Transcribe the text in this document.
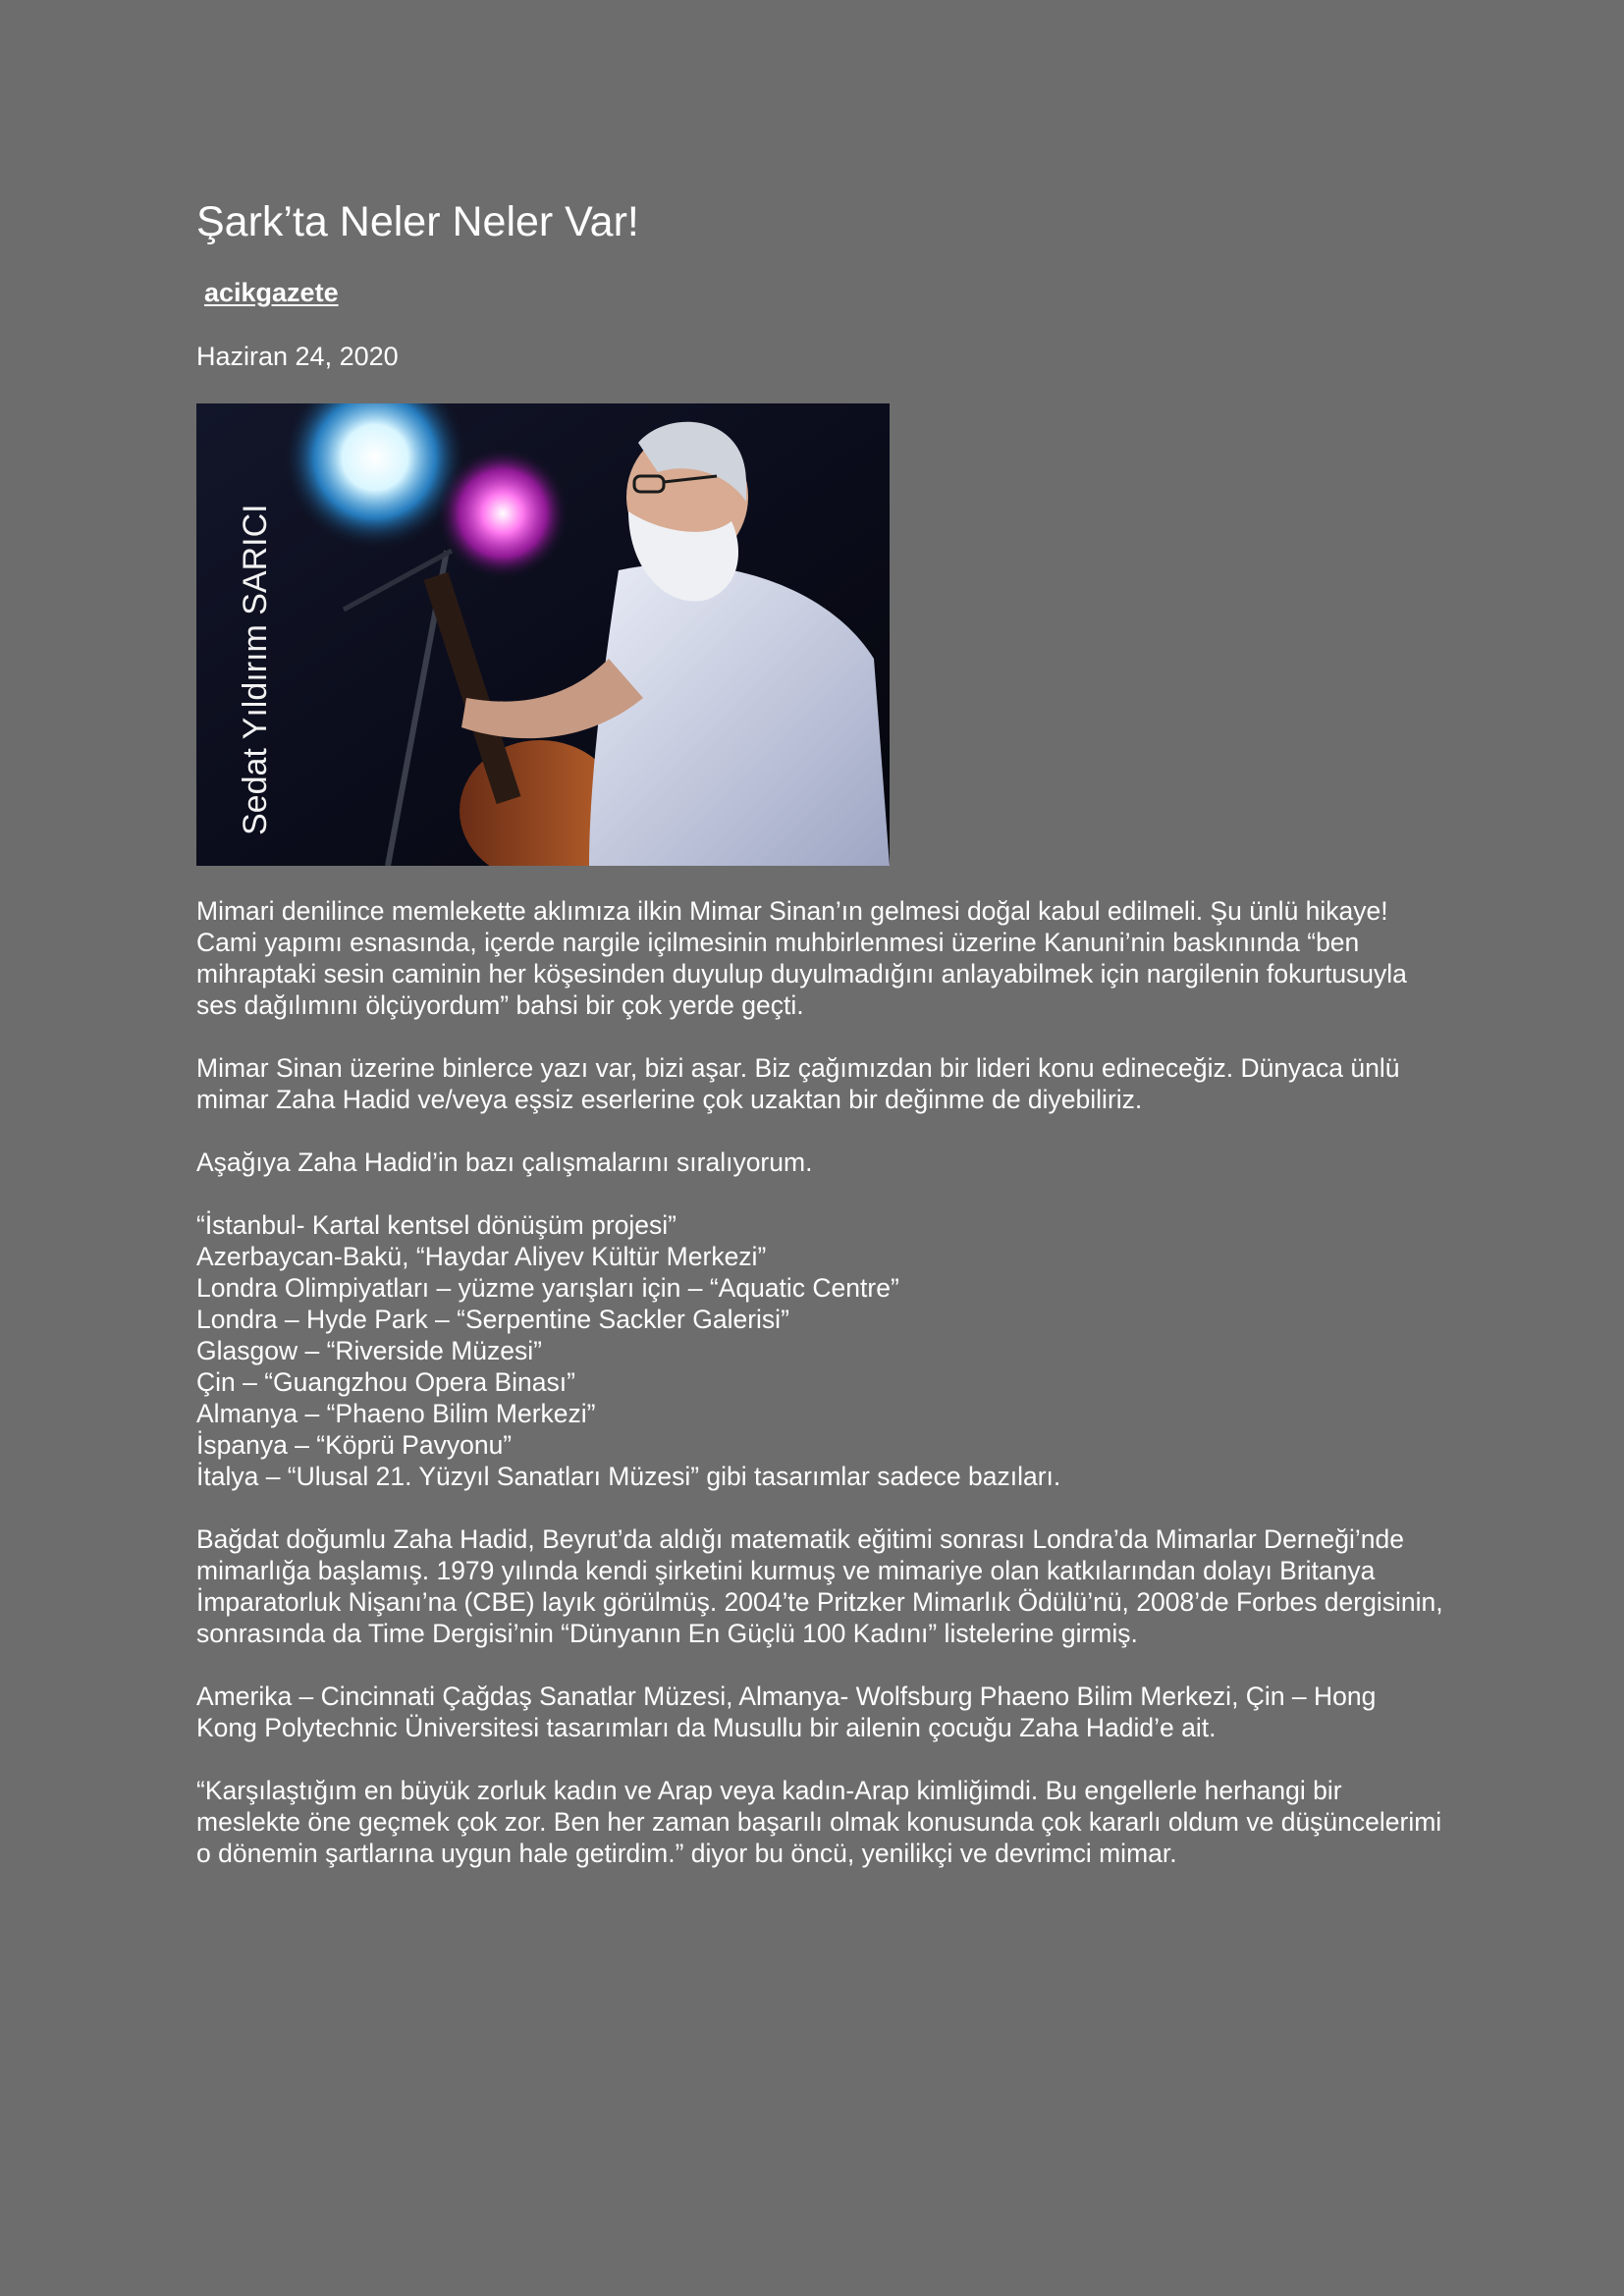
Şark’ta Neler Neler Var!
acikgazete
Haziran 24, 2020
Sedat Yıldırım SARICI

Mimari denilince memlekette aklımıza ilkin Mimar Sinan’ın gelmesi doğal kabul edilmeli. Şu ünlü hikaye! Cami yapımı esnasında, içerde nargile içilmesinin muhbirlenmesi üzerine Kanuni’nin baskınında “ben mihraptaki sesin caminin her köşesinden duyulup duyulmadığını anlayabilmek için nargilenin fokurtusuyla ses dağılımını ölçüyordum” bahsi bir çok yerde geçti.

Mimar Sinan üzerine binlerce yazı var, bizi aşar. Biz çağımızdan bir lideri konu edineceğiz. Dünyaca ünlü mimar Zaha Hadid ve/veya eşsiz eserlerine çok uzaktan bir değinme de diyebiliriz.

Aşağıya Zaha Hadid’in bazı çalışmalarını sıralıyorum.

“İstanbul- Kartal kentsel dönüşüm projesi”
Azerbaycan-Bakü, “Haydar Aliyev Kültür Merkezi”
Londra Olimpiyatları – yüzme yarışları için – “Aquatic Centre”
Londra – Hyde Park – “Serpentine Sackler Galerisi”
Glasgow – “Riverside Müzesi”
Çin – “Guangzhou Opera Binası”
Almanya – “Phaeno Bilim Merkezi”
İspanya – “Köprü Pavyonu”
İtalya – “Ulusal 21. Yüzyıl Sanatları Müzesi” gibi tasarımlar sadece bazıları.

Bağdat doğumlu Zaha Hadid, Beyrut’da aldığı matematik eğitimi sonrası Londra’da Mimarlar Derneği’nde mimarlığa başlamış. 1979 yılında kendi şirketini kurmuş ve mimariye olan katkılarından dolayı Britanya İmparatorluk Nişanı’na (CBE) layık görülmüş. 2004’te Pritzker Mimarlık Ödülü’nü, 2008’de Forbes dergisinin, sonrasında da Time Dergisi’nin “Dünyanın En Güçlü 100 Kadını” listelerine girmiş.

Amerika – Cincinnati Çağdaş Sanatlar Müzesi, Almanya- Wolfsburg Phaeno Bilim Merkezi, Çin – Hong Kong Polytechnic Üniversitesi tasarımları da Musullu bir ailenin çocuğu Zaha Hadid’e ait.

“Karşılaştığım en büyük zorluk kadın ve Arap veya kadın-Arap kimliğimdi. Bu engellerle herhangi bir meslekte öne geçmek çok zor. Ben her zaman başarılı olmak konusunda çok kararlı oldum ve düşüncelerimi o dönemin şartlarına uygun hale getirdim.” diyor bu öncü, yenilikçi ve devrimci mimar.
